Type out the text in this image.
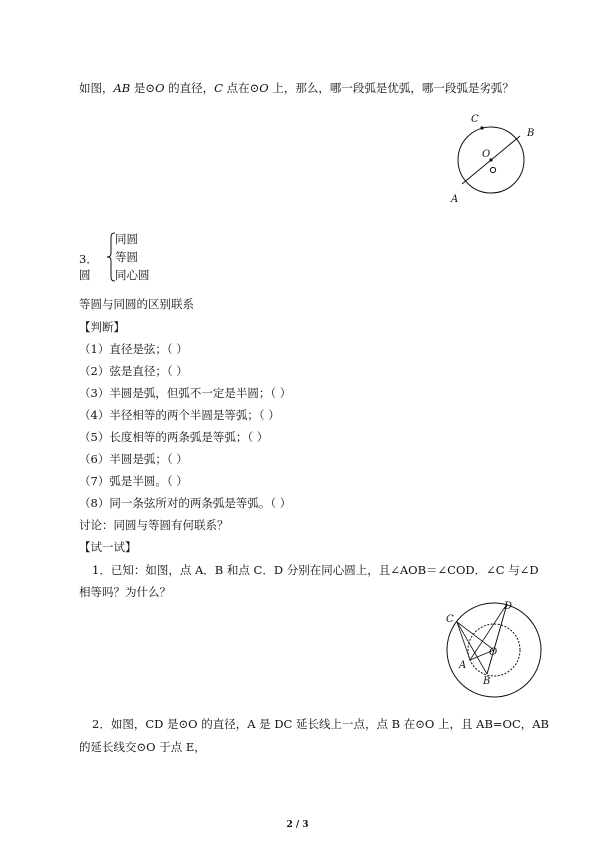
如图，AB 是⊙O 的直径，C 点在⊙O 上，那么，哪一段弧是优弧，哪一段弧是劣弧？
C
B
O
A
3．圆
同圆
等圆
同心圆
等圆与同圆的区别联系
【判断】
（1）直径是弦；（ ）
（2）弦是直径；（ ）
（3）半圆是弧，但弧不一定是半圆；（ ）
（4）半径相等的两个半圆是等弧；（ ）
（5）长度相等的两条弧是等弧；（ ）
（6）半圆是弧；（ ）
（7）弧是半圆。（ ）
（8）同一条弦所对的两条弧是等弧。（ ）
讨论：同圆与等圆有何联系？
【试一试】
1．已知：如图，点 A．B 和点 C．D 分别在同心圆上，且∠AOB＝∠COD．∠C 与∠D
相等吗？为什么？
C
D
O
A
B
2．如图，CD 是⊙O 的直径，A 是 DC 延长线上一点，点 B 在⊙O 上，且 AB=OC，AB
的延长线交⊙O 于点 E，
2 / 3
